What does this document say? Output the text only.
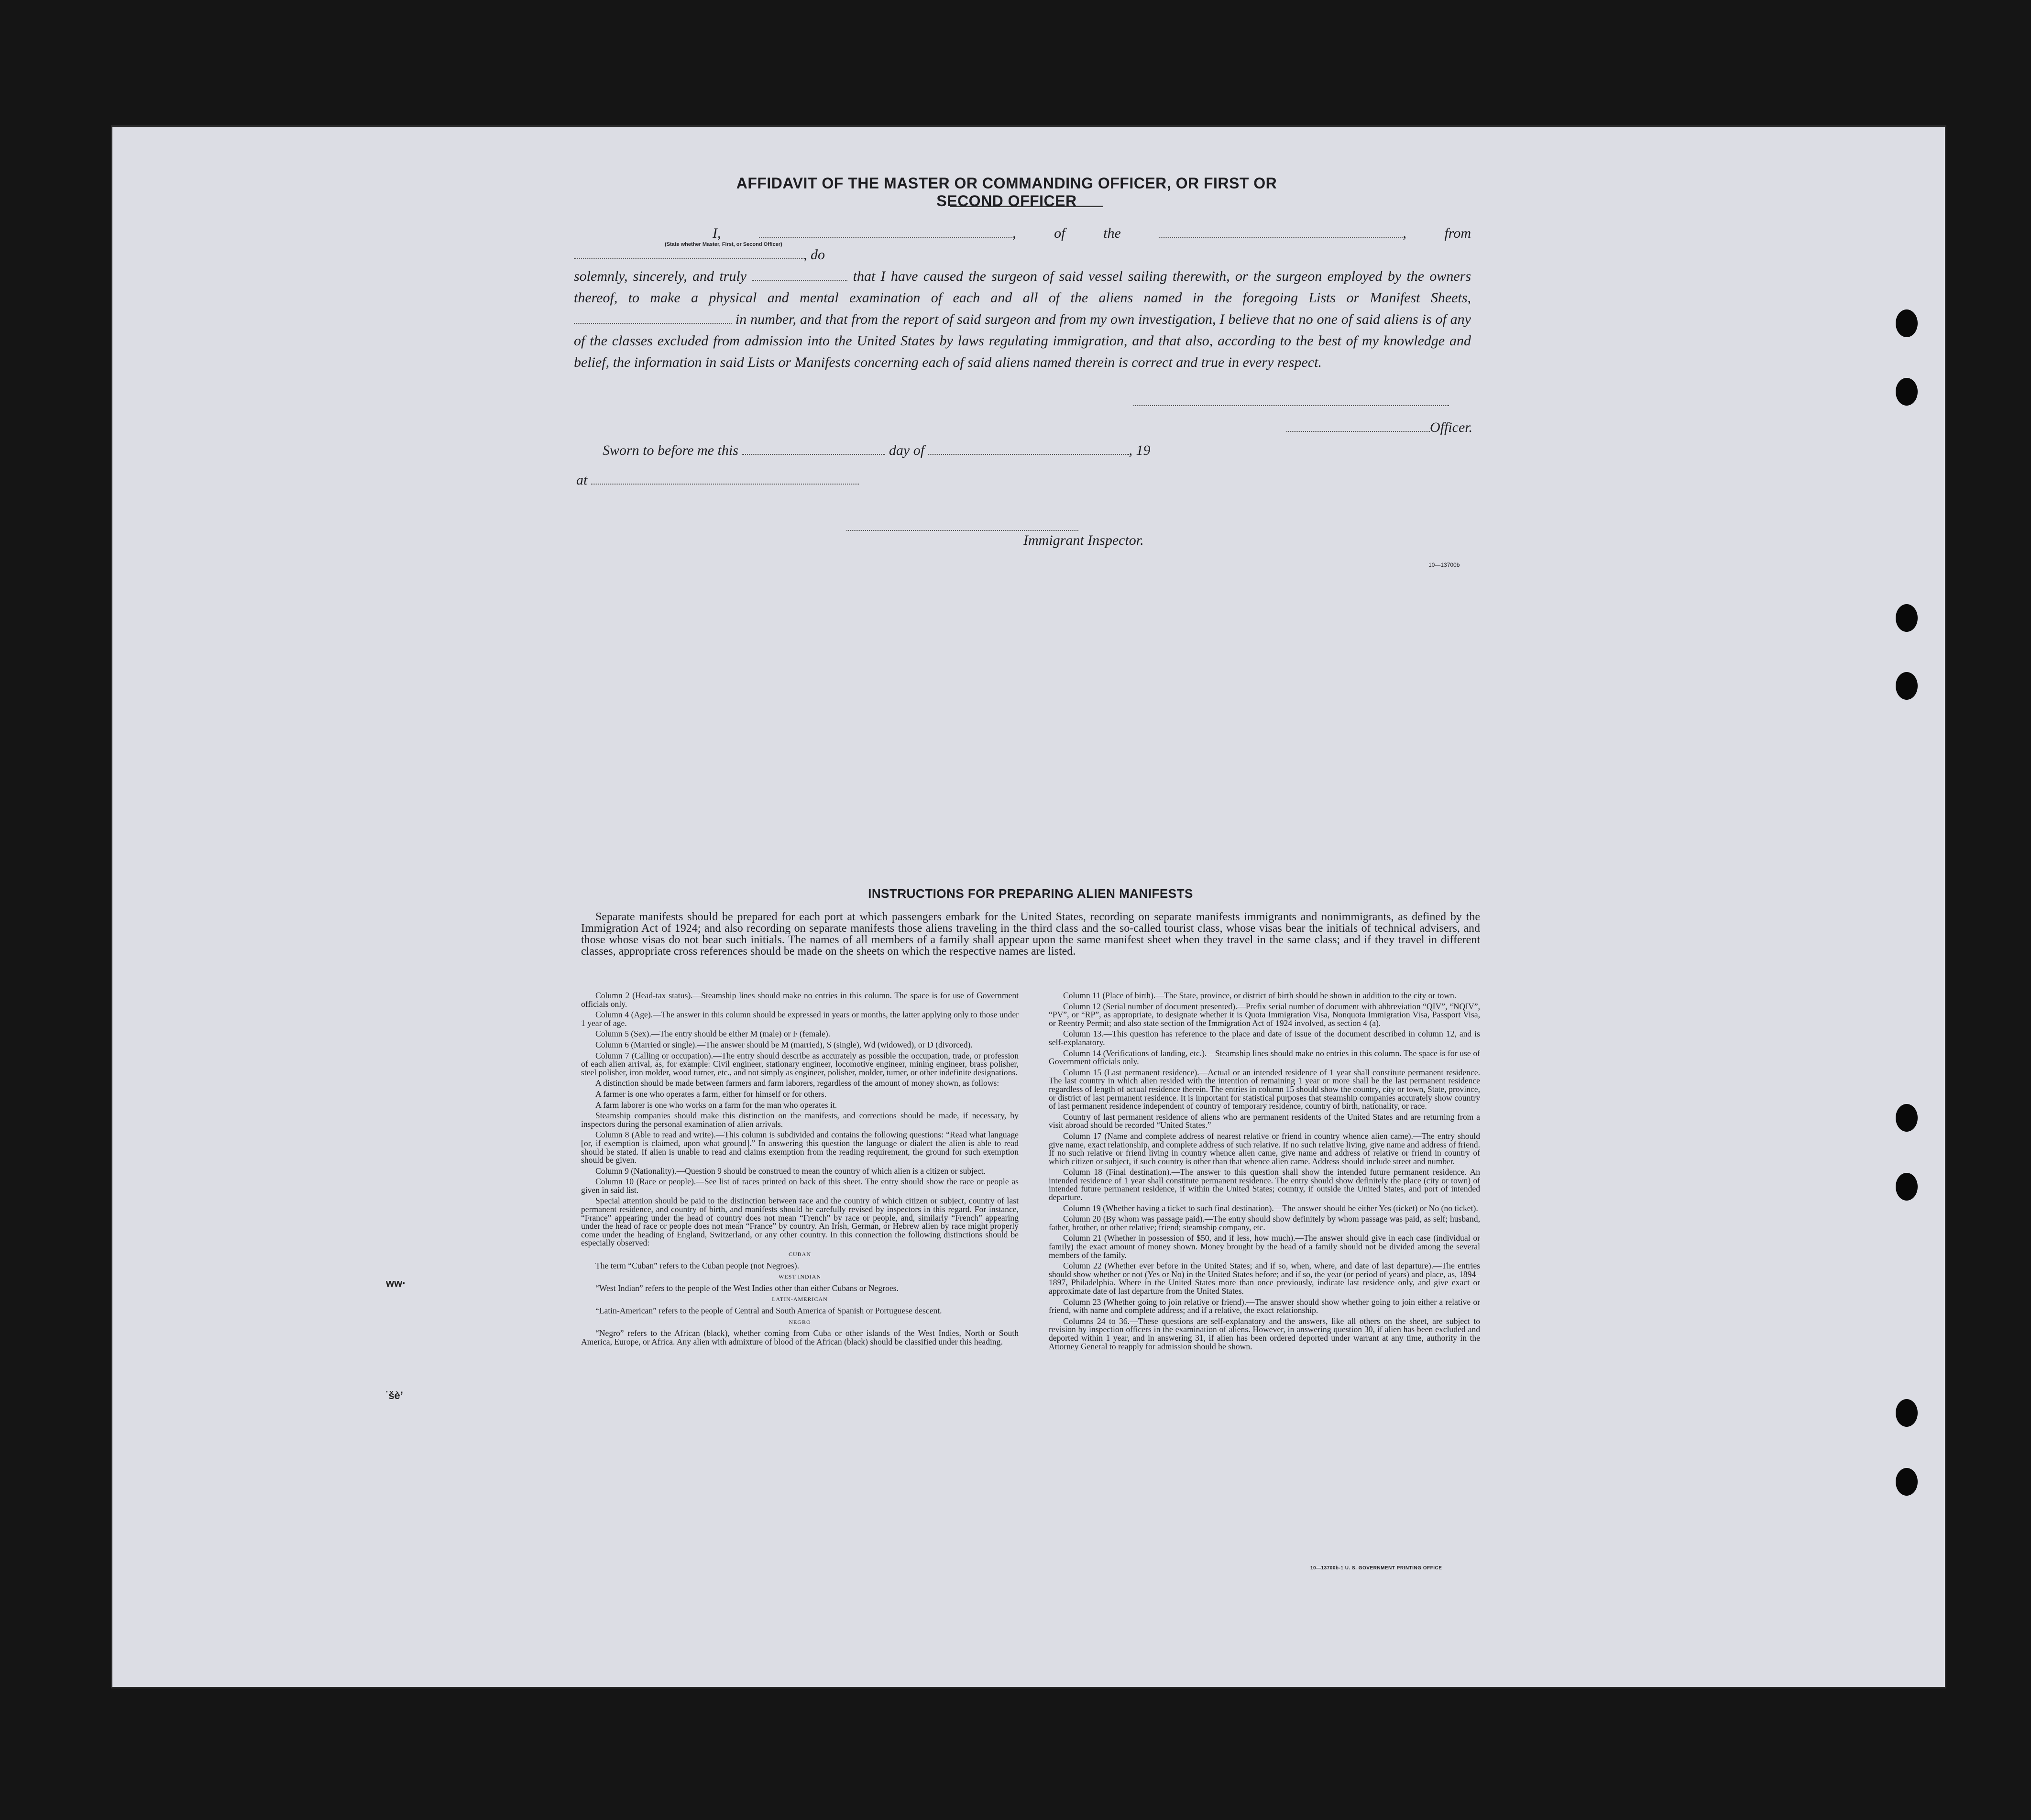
AFFIDAVIT OF THE MASTER OR COMMANDING OFFICER, OR FIRST OR SECOND OFFICER

I,	, of the	, from , do

solemnly, sincerely, and truly	that I have caused the surgeon of said vessel sailing therewith, or the surgeon employed by the owners thereof, to make a physical and mental examination of each and all of the aliens named in the foregoing Lists or Manifest Sheets,  in number, and that from the report of said surgeon and from my own investigation, I believe that no one of said aliens is of any of the classes excluded from admission into the United States by laws regulating immigration, and that also, according to the best of my knowledge and belief, the information in said Lists or Manifests concerning each of said aliens named therein is correct and true in every respect.

(State whether Master, First, or Second Officer)
Officer.
Sworn to before me this	day of	, 19
at
Immigrant Inspector.
10—13700b
INSTRUCTIONS FOR PREPARING ALIEN MANIFESTS

Separate manifests should be prepared for each port at which passengers embark for the United States, recording on separate manifests immigrants and nonimmigrants, as defined by the Immigration Act of 1924; and also recording on separate manifests those aliens traveling in the third class and the so-called tourist class, whose visas bear the initials of technical advisers, and those whose visas do not bear such initials. The names of all members of a family shall appear upon the same manifest sheet when they travel in the same class; and if they travel in different classes, appropriate cross references should be made on the sheets on which the respective names are listed.

Column 2 (Head-tax status).—Steamship lines should make no entries in this column. The space is for use of Government officials only.

Column 4 (Age).—The answer in this column should be expressed in years or months, the latter applying only to those under 1 year of age.

Column 5 (Sex).—The entry should be either M (male) or F (female).

Column 6 (Married or single).—The answer should be M (married), S (single), Wd (widowed), or D (divorced).

Column 7 (Calling or occupation).—The entry should describe as accurately as possible the occupation, trade, or profession of each alien arrival, as, for example: Civil engineer, stationary engineer, locomotive engineer, mining engineer, brass polisher, steel polisher, iron molder, wood turner, etc., and not simply as engineer, polisher, molder, turner, or other indefinite designations.

A distinction should be made between farmers and farm laborers, regardless of the amount of money shown, as follows:

A farmer is one who operates a farm, either for himself or for others.

A farm laborer is one who works on a farm for the man who operates it.

Steamship companies should make this distinction on the manifests, and corrections should be made, if necessary, by inspectors during the personal examination of alien arrivals.

Column 8 (Able to read and write).—This column is subdivided and contains the following questions: “Read what language [or, if exemption is claimed, upon what ground].” In answering this question the language or dialect the alien is able to read should be stated. If alien is unable to read and claims exemption from the reading requirement, the ground for such exemption should be given.

Column 9 (Nationality).—Question 9 should be construed to mean the country of which alien is a citizen or subject.

Column 10 (Race or people).—See list of races printed on back of this sheet. The entry should show the race or people as given in said list.

Special attention should be paid to the distinction between race and the country of which citizen or subject, country of last permanent residence, and country of birth, and manifests should be carefully revised by inspectors in this regard. For instance, “France” appearing under the head of country does not mean “French” by race or people, and, similarly “French” appearing under the head of race or people does not mean “France” by country. An Irish, German, or Hebrew alien by race might properly come under the heading of England, Switzerland, or any other country. In this connection the following distinctions should be especially observed:

CUBAN

The term “Cuban” refers to the Cuban people (not Negroes).

WEST INDIAN

“West Indian” refers to the people of the West Indies other than either Cubans or Negroes.

LATIN-AMERICAN

“Latin-American” refers to the people of Central and South America of Spanish or Portuguese descent.

NEGRO

“Negro” refers to the African (black), whether coming from Cuba or other islands of the West Indies, North or South America, Europe, or Africa. Any alien with admixture of blood of the African (black) should be classified under this heading.

Column 11 (Place of birth).—The State, province, or district of birth should be shown in addition to the city or town.

Column 12 (Serial number of document presented).—Prefix serial number of document with abbreviation “QIV”, “NQIV”, “PV”, or “RP”, as appropriate, to designate whether it is Quota Immigration Visa, Nonquota Immigration Visa, Passport Visa, or Reentry Permit; and also state section of the Immigration Act of 1924 involved, as section 4 (a).

Column 13.—This question has reference to the place and date of issue of the document described in column 12, and is self-explanatory.

Column 14 (Verifications of landing, etc.).—Steamship lines should make no entries in this column. The space is for use of Government officials only.

Column 15 (Last permanent residence).—Actual or an intended residence of 1 year shall constitute permanent residence. The last country in which alien resided with the intention of remaining 1 year or more shall be the last permanent residence regardless of length of actual residence therein. The entries in column 15 should show the country, city or town, State, province, or district of last permanent residence. It is important for statistical purposes that steamship companies accurately show country of last permanent residence independent of country of temporary residence, country of birth, nationality, or race.

Country of last permanent residence of aliens who are permanent residents of the United States and are returning from a visit abroad should be recorded “United States.”

Column 17 (Name and complete address of nearest relative or friend in country whence alien came).—The entry should give name, exact relationship, and complete address of such relative. If no such relative living, give name and address of friend. If no such relative or friend living in country whence alien came, give name and address of relative or friend in country of which citizen or subject, if such country is other than that whence alien came. Address should include street and number.

Column 18 (Final destination).—The answer to this question shall show the intended future permanent residence. An intended residence of 1 year shall constitute permanent residence. The entry should show definitely the place (city or town) of intended future permanent residence, if within the United States; country, if outside the United States, and port of intended departure.

Column 19 (Whether having a ticket to such final destination).—The answer should be either Yes (ticket) or No (no ticket).

Column 20 (By whom was passage paid).—The entry should show definitely by whom passage was paid, as self; husband, father, brother, or other relative; friend; steamship company, etc.

Column 21 (Whether in possession of $50, and if less, how much).—The answer should give in each case (individual or family) the exact amount of money shown. Money brought by the head of a family should not be divided among the several members of the family.

Column 22 (Whether ever before in the United States; and if so, when, where, and date of last departure).—The entries should show whether or not (Yes or No) in the United States before; and if so, the year (or period of years) and place, as, 1894–1897, Philadelphia. Where in the United States more than once previously, indicate last residence only, and give exact or approximate date of last departure from the United States.

Column 23 (Whether going to join relative or friend).—The answer should show whether going to join either a relative or friend, with name and complete address; and if a relative, the exact relationship.

Columns 24 to 36.—These questions are self-explanatory and the answers, like all others on the sheet, are subject to revision by inspection officers in the examination of aliens. However, in answering question 30, if alien has been excluded and deported within 1 year, and in answering 31, if alien has been ordered deported under warrant at any time, authority in the Attorney General to reapply for admission should be shown.

10—13700b-1 U. S. GOVERNMENT PRINTING OFFICE
ww·
˙šè’
